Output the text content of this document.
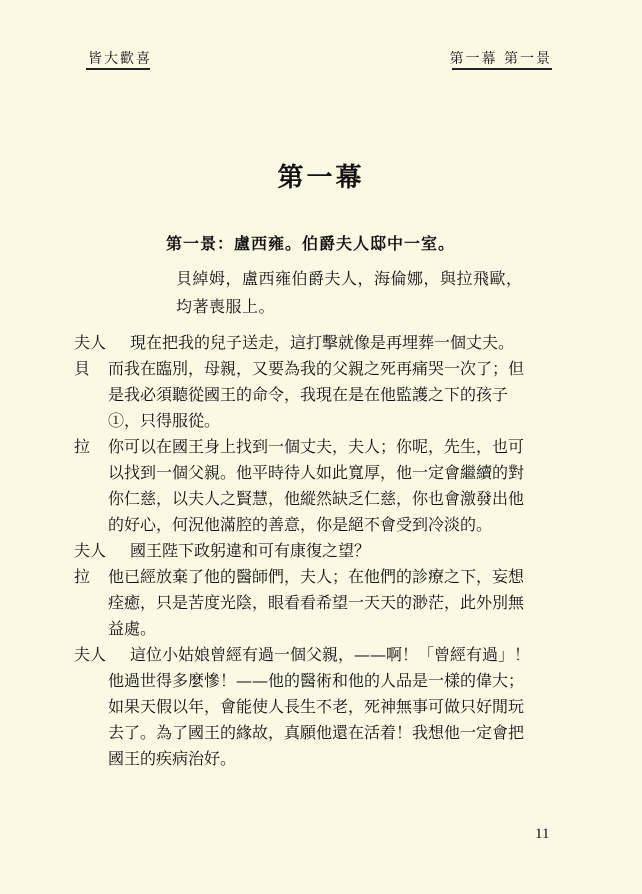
皆大歡喜	第一幕 第一景
第一幕
第一景：盧西雍。伯爵夫人邸中一室。
貝綽姆，盧西雍伯爵夫人，海倫娜，與拉飛歐，
均著喪服上。
夫人	現在把我的兒子送走，這打擊就像是再埋葬一個丈夫。
貝	而我在臨別，母親，又要為我的父親之死再痛哭一次了；但
是我必須聽從國王的命令，我現在是在他監護之下的孩子
①，只得服從。
拉	你可以在國王身上找到一個丈夫，夫人；你呢，先生，也可
以找到一個父親。他平時待人如此寬厚，他一定會繼續的對
你仁慈，以夫人之賢慧，他縱然缺乏仁慈，你也會激發出他
的好心，何況他滿腔的善意，你是絕不會受到冷淡的。
夫人	國王陛下政躬違和可有康復之望？
拉	他已經放棄了他的醫師們，夫人；在他們的診療之下，妄想
痊癒，只是苦度光陰，眼看看希望一天天的渺茫，此外別無
益處。
夫人	這位小姑娘曾經有過一個父親，——啊！「曾經有過」！
他過世得多麼慘！——他的醫術和他的人品是一樣的偉大；
如果天假以年，會能使人長生不老，死神無事可做只好閒玩
去了。為了國王的緣故，真願他還在活着！我想他一定會把
國王的疾病治好。
11
